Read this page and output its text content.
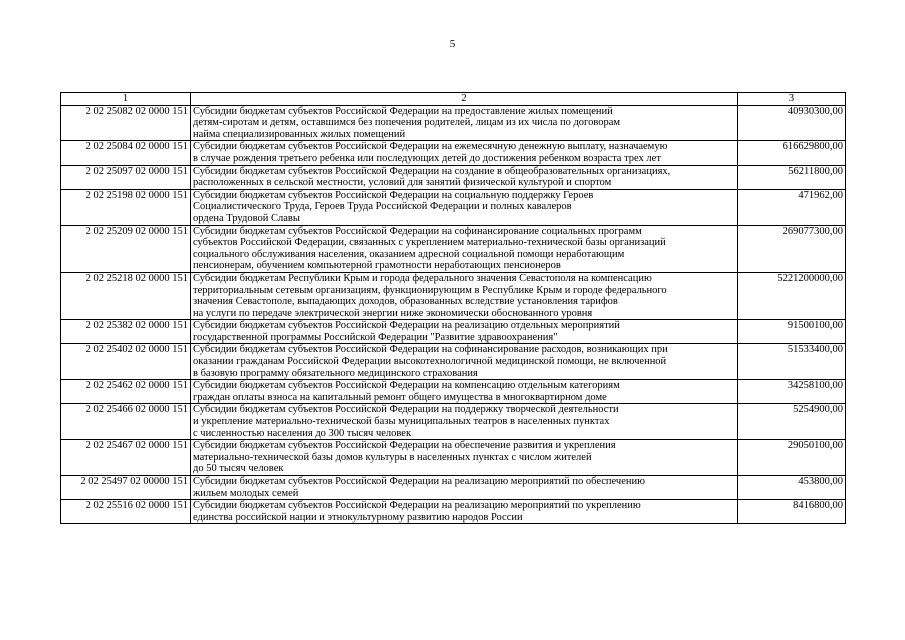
5
1	2	3
2 02 25082 02 0000 151	Субсидии бюджетам субъектов Российской Федерации на предоставление жилых помещений
детям-сиротам и детям, оставшимся без попечения родителей, лицам из их числа по договорам
найма специализированных жилых помещений	40930300,00
2 02 25084 02 0000 151	Субсидии бюджетам субъектов Российской Федерации на ежемесячную денежную выплату, назначаемую
в случае рождения третьего ребенка или последующих детей до достижения ребенком возраста трех лет	616629800,00
2 02 25097 02 0000 151	Субсидии бюджетам субъектов Российской Федерации на создание в общеобразовательных организациях,
расположенных в сельской местности, условий для занятий физической культурой и спортом	56211800,00
2 02 25198 02 0000 151	Субсидии бюджетам субъектов Российской Федерации на социальную поддержку Героев
Социалистического Труда, Героев Труда Российской Федерации и полных кавалеров
ордена Трудовой Славы	471962,00
2 02 25209 02 0000 151	Субсидии бюджетам субъектов Российской Федерации на софинансирование социальных программ
субъектов Российской Федерации, связанных с укреплением материально-технической базы организаций
социального обслуживания населения, оказанием адресной социальной помощи неработающим
пенсионерам, обучением компьютерной грамотности неработающих пенсионеров	269077300,00
2 02 25218 02 0000 151	Субсидии бюджетам Республики Крым и города федерального значения Севастополя на компенсацию
территориальным сетевым организациям, функционирующим в Республике Крым и городе федерального
значения Севастополе, выпадающих доходов, образованных вследствие установления тарифов
на услуги по передаче электрической энергии ниже экономически обоснованного уровня	5221200000,00
2 02 25382 02 0000 151	Субсидии бюджетам субъектов Российской Федерации на реализацию отдельных мероприятий
государственной программы Российской Федерации "Развитие здравоохранения"	91500100,00
2 02 25402 02 0000 151	Субсидии бюджетам субъектов Российской Федерации на софинансирование расходов, возникающих при
оказании гражданам Российской Федерации высокотехнологичной медицинской помощи, не включенной
в базовую программу обязательного медицинского страхования	51533400,00
2 02 25462 02 0000 151	Субсидии бюджетам субъектов Российской Федерации на компенсацию отдельным категориям
граждан оплаты взноса на капитальный ремонт общего имущества в многоквартирном доме	34258100,00
2 02 25466 02 0000 151	Субсидии бюджетам субъектов Российской Федерации на поддержку творческой деятельности
и укрепление материально-технической базы муниципальных театров в населенных пунктах
с численностью населения до 300 тысяч человек	5254900,00
2 02 25467 02 0000 151	Субсидии бюджетам субъектов Российской Федерации на обеспечение развития и укрепления
материально-технической базы домов культуры в населенных пунктах с числом жителей
до 50 тысяч человек	29050100,00
2 02 25497 02 00000 151	Субсидии бюджетам субъектов Российской Федерации на реализацию мероприятий по обеспечению
жильем молодых семей	453800,00
2 02 25516 02 0000 151	Субсидии бюджетам субъектов Российской Федерации на реализацию мероприятий по укреплению
единства российской нации и этнокультурному развитию народов России	8416800,00
